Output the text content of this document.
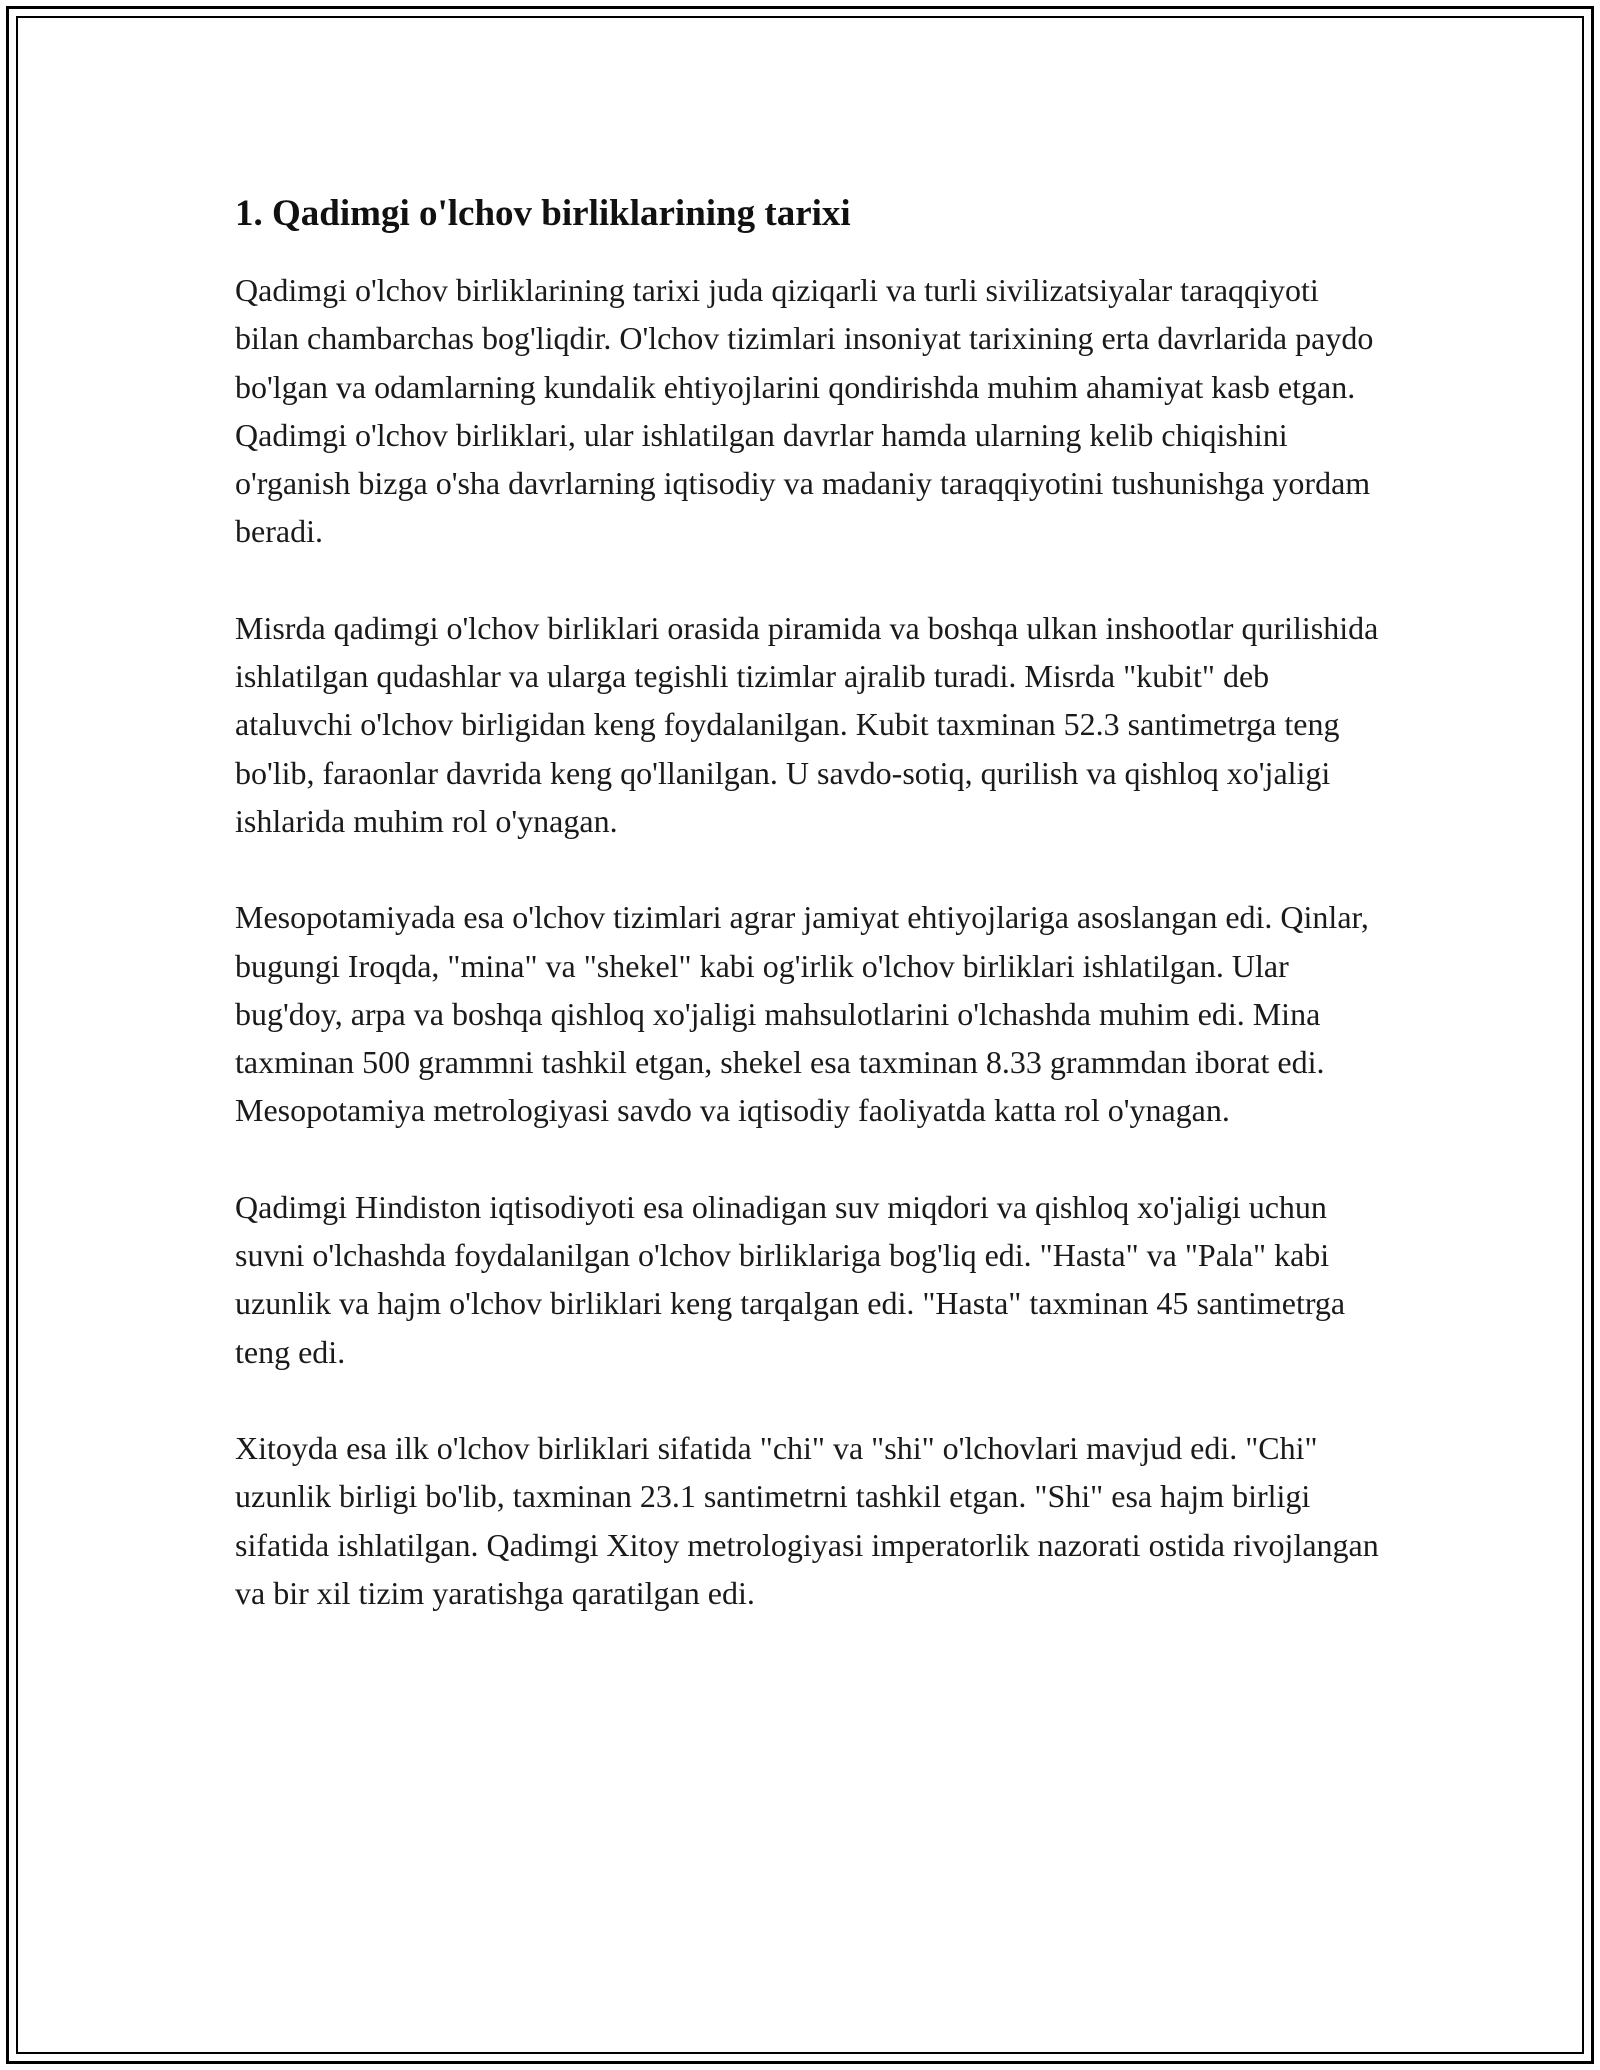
1. Qadimgi o'lchov birliklarining tarixi

Qadimgi o'lchov birliklarining tarixi juda qiziqarli va turli sivilizatsiyalar taraqqiyoti bilan chambarchas bog'liqdir. O'lchov tizimlari insoniyat tarixining erta davrlarida paydo bo'lgan va odamlarning kundalik ehtiyojlarini qondirishda muhim ahamiyat kasb etgan. Qadimgi o'lchov birliklari, ular ishlatilgan davrlar hamda ularning kelib chiqishini o'rganish bizga o'sha davrlarning iqtisodiy va madaniy taraqqiyotini tushunishga yordam beradi.

Misrda qadimgi o'lchov birliklari orasida piramida va boshqa ulkan inshootlar qurilishida ishlatilgan qudashlar va ularga tegishli tizimlar ajralib turadi. Misrda "kubit" deb ataluvchi o'lchov birligidan keng foydalanilgan. Kubit taxminan 52.3 santimetrga teng bo'lib, faraonlar davrida keng qo'llanilgan. U savdo-sotiq, qurilish va qishloq xo'jaligi ishlarida muhim rol o'ynagan.

Mesopotamiyada esa o'lchov tizimlari agrar jamiyat ehtiyojlariga asoslangan edi. Qinlar, bugungi Iroqda, "mina" va "shekel" kabi og'irlik o'lchov birliklari ishlatilgan. Ular bug'doy, arpa va boshqa qishloq xo'jaligi mahsulotlarini o'lchashda muhim edi. Mina taxminan 500 grammni tashkil etgan, shekel esa taxminan 8.33 grammdan iborat edi. Mesopotamiya metrologiyasi savdo va iqtisodiy faoliyatda katta rol o'ynagan.

Qadimgi Hindiston iqtisodiyoti esa olinadigan suv miqdori va qishloq xo'jaligi uchun suvni o'lchashda foydalanilgan o'lchov birliklariga bog'liq edi. "Hasta" va "Pala" kabi uzunlik va hajm o'lchov birliklari keng tarqalgan edi. "Hasta" taxminan 45 santimetrga teng edi.

Xitoyda esa ilk o'lchov birliklari sifatida "chi" va "shi" o'lchovlari mavjud edi. "Chi" uzunlik birligi bo'lib, taxminan 23.1 santimetrni tashkil etgan. "Shi" esa hajm birligi sifatida ishlatilgan. Qadimgi Xitoy metrologiyasi imperatorlik nazorati ostida rivojlangan va bir xil tizim yaratishga qaratilgan edi.
